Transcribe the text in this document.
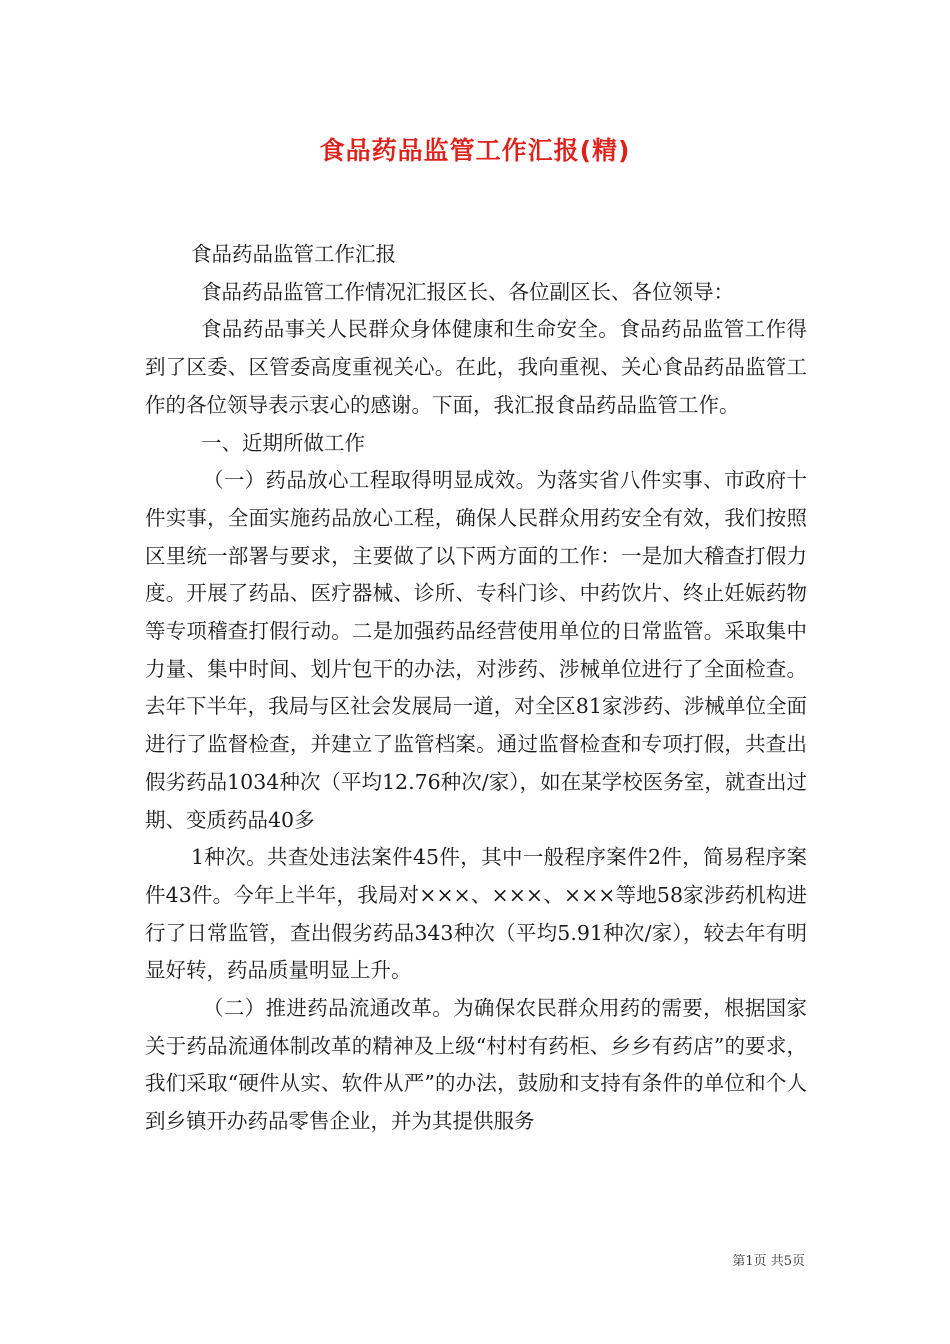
食品药品监管工作汇报(精)

食品药品监管工作汇报

食品药品监管工作情况汇报区长、各位副区长、各位领导：

食品药品事关人民群众身体健康和生命安全。食品药品监管工作得到了区委、区管委高度重视关心。在此，我向重视、关心食品药品监管工作的各位领导表示衷心的感谢。下面，我汇报食品药品监管工作。

一、近期所做工作

（一）药品放心工程取得明显成效。为落实省八件实事、市政府十件实事，全面实施药品放心工程，确保人民群众用药安全有效，我们按照区里统一部署与要求，主要做了以下两方面的工作：一是加大稽查打假力度。开展了药品、医疗器械、诊所、专科门诊、中药饮片、终止妊娠药物等专项稽查打假行动。二是加强药品经营使用单位的日常监管。采取集中力量、集中时间、划片包干的办法，对涉药、涉械单位进行了全面检查。去年下半年，我局与区社会发展局一道，对全区81家涉药、涉械单位全面进行了监督检查，并建立了监管档案。通过监督检查和专项打假，共查出假劣药品1034种次（平均12.76种次/家），如在某学校医务室，就查出过期、变质药品40多

1种次。共查处违法案件45件，其中一般程序案件2件，简易程序案件43件。今年上半年，我局对×××、×××、×××等地58家涉药机构进行了日常监管，查出假劣药品343种次（平均5.91种次/家），较去年有明显好转，药品质量明显上升。

（二）推进药品流通改革。为确保农民群众用药的需要，根据国家关于药品流通体制改革的精神及上级“村村有药柜、乡乡有药店”的要求，我们采取“硬件从实、软件从严”的办法，鼓励和支持有条件的单位和个人到乡镇开办药品零售企业，并为其提供服务

第1页 共5页
